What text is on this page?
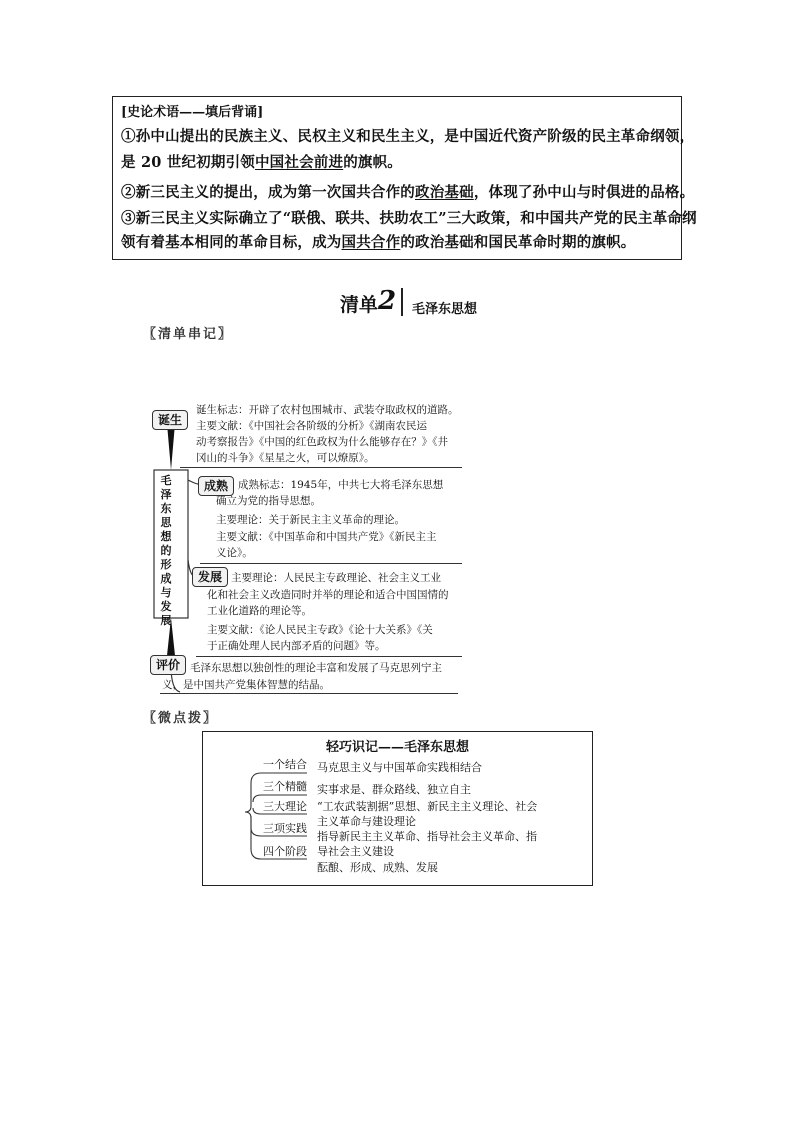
[史论术语——填后背诵]
①孙中山提出的民族主义、民权主义和民生主义，是中国近代资产阶级的民主革命纲领，
是 20 世纪初期引领中国社会前进的旗帜。
②新三民主义的提出，成为第一次国共合作的政治基础，体现了孙中山与时俱进的品格。
③新三民主义实际确立了“联俄、联共、扶助农工”三大政策，和中国共产党的民主革命纲
领有着基本相同的革命目标，成为国共合作的政治基础和国民革命时期的旗帜。
清单 2 毛泽东思想
〖清单串记〗
毛泽东思想的形成与发展
诞生
诞生标志：开辟了农村包围城市、武装夺取政权的道路。
主要文献：《中国社会各阶级的分析》《湖南农民运
动考察报告》《中国的红色政权为什么能够存在？》《井
冈山的斗争》《星星之火，可以燎原》。
成熟 成熟标志：1945年，中共七大将毛泽东思想
确立为党的指导思想。
主要理论：关于新民主主义革命的理论。
主要文献：《中国革命和中国共产党》《新民主主
义论》。
发展 主要理论：人民民主专政理论、社会主义工业
化和社会主义改造同时并举的理论和适合中国国情的
工业化道路的理论等。
主要文献：《论人民民主专政》《论十大关系》《关
于正确处理人民内部矛盾的问题》等。
评价 毛泽东思想以独创性的理论丰富和发展了马克思列宁主
义，是中国共产党集体智慧的结晶。
〖微点拨〗
轻巧识记——毛泽东思想
一个结合
三个精髓
三大理论
三项实践
四个阶段
马克思主义与中国革命实践相结合
实事求是、群众路线、独立自主
“工农武装割据”思想、新民主主义理论、社会
主义革命与建设理论
指导新民主主义革命、指导社会主义革命、指
导社会主义建设
酝酿、形成、成熟、发展
